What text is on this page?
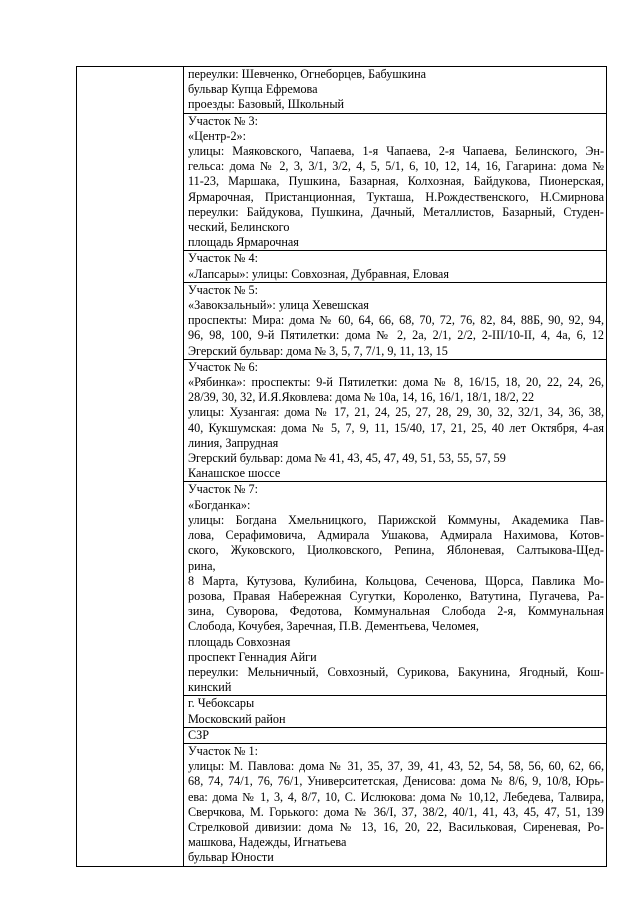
переулки: Шевченко, Огнеборцев, Бабушкина
бульвар Купца Ефремова
проезды: Базовый, Школьный

Участок № 3:
«Центр-2»:
улицы: Маяковского, Чапаева, 1-я Чапаева, 2-я Чапаева, Белинского, Эн-
гельса: дома № 2, 3, 3/1, 3/2, 4, 5, 5/1, 6, 10, 12, 14, 16, Гагарина: дома №
11-23, Маршака, Пушкина, Базарная, Колхозная, Байдукова, Пионерская,
Ярмарочная, Пристанционная, Тукташа, Н.Рождественского, Н.Смирнова
переулки: Байдукова, Пушкина, Дачный, Металлистов, Базарный, Студен-
ческий, Белинского
площадь Ярмарочная

Участок № 4:
«Лапсары»: улицы: Совхозная, Дубравная, Еловая

Участок № 5:
«Завокзальный»: улица Хевешская
проспекты: Мира: дома № 60, 64, 66, 68, 70, 72, 76, 82, 84, 88Б, 90, 92, 94,
96, 98, 100, 9-й Пятилетки: дома № 2, 2а, 2/1, 2/2, 2-III/10-II, 4, 4а, 6, 12
Эгерский бульвар: дома № 3, 5, 7, 7/1, 9, 11, 13, 15

Участок № 6:
«Рябинка»: проспекты: 9-й Пятилетки: дома № 8, 16/15, 18, 20, 22, 24, 26,
28/39, 30, 32, И.Я.Яковлева: дома № 10а, 14, 16, 16/1, 18/1, 18/2, 22
улицы: Хузангая: дома № 17, 21, 24, 25, 27, 28, 29, 30, 32, 32/1, 34, 36, 38,
40, Кукшумская: дома № 5, 7, 9, 11, 15/40, 17, 21, 25, 40 лет Октября, 4-ая
линия, Запрудная
Эгерский бульвар: дома № 41, 43, 45, 47, 49, 51, 53, 55, 57, 59
Канашское шоссе

Участок № 7:
«Богданка»:
улицы: Богдана Хмельницкого, Парижской Коммуны, Академика Пав-
лова, Серафимовича, Адмирала Ушакова, Адмирала Нахимова, Котов-
ского, Жуковского, Циолковского, Репина, Яблоневая, Салтыкова-Щед-
рина,
8 Марта, Кутузова, Кулибина, Кольцова, Сеченова, Щорса, Павлика Мо-
розова, Правая Набережная Сугутки, Короленко, Ватутина, Пугачева, Ра-
зина, Суворова, Федотова, Коммунальная Слобода 2-я, Коммунальная
Слобода, Кочубея, Заречная, П.В. Дементьева, Челомея,
площадь Совхозная
проспект Геннадия Айги
переулки: Мельничный, Совхозный, Сурикова, Бакунина, Ягодный, Кош-
кинский

г. Чебоксары
Московский район

СЗР

Участок № 1:
улицы: М. Павлова: дома № 31, 35, 37, 39, 41, 43, 52, 54, 58, 56, 60, 62, 66,
68, 74, 74/1, 76, 76/1, Университетская, Денисова: дома № 8/6, 9, 10/8, Юрь-
ева: дома № 1, 3, 4, 8/7, 10, С. Ислюкова: дома № 10,12, Лебедева, Талвира,
Сверчкова, М. Горького: дома № 36/I, 37, 38/2, 40/1, 41, 43, 45, 47, 51, 139
Стрелковой дивизии: дома № 13, 16, 20, 22, Васильковая, Сиреневая, Ро-
машкова, Надежды, Игнатьева
бульвар Юности
